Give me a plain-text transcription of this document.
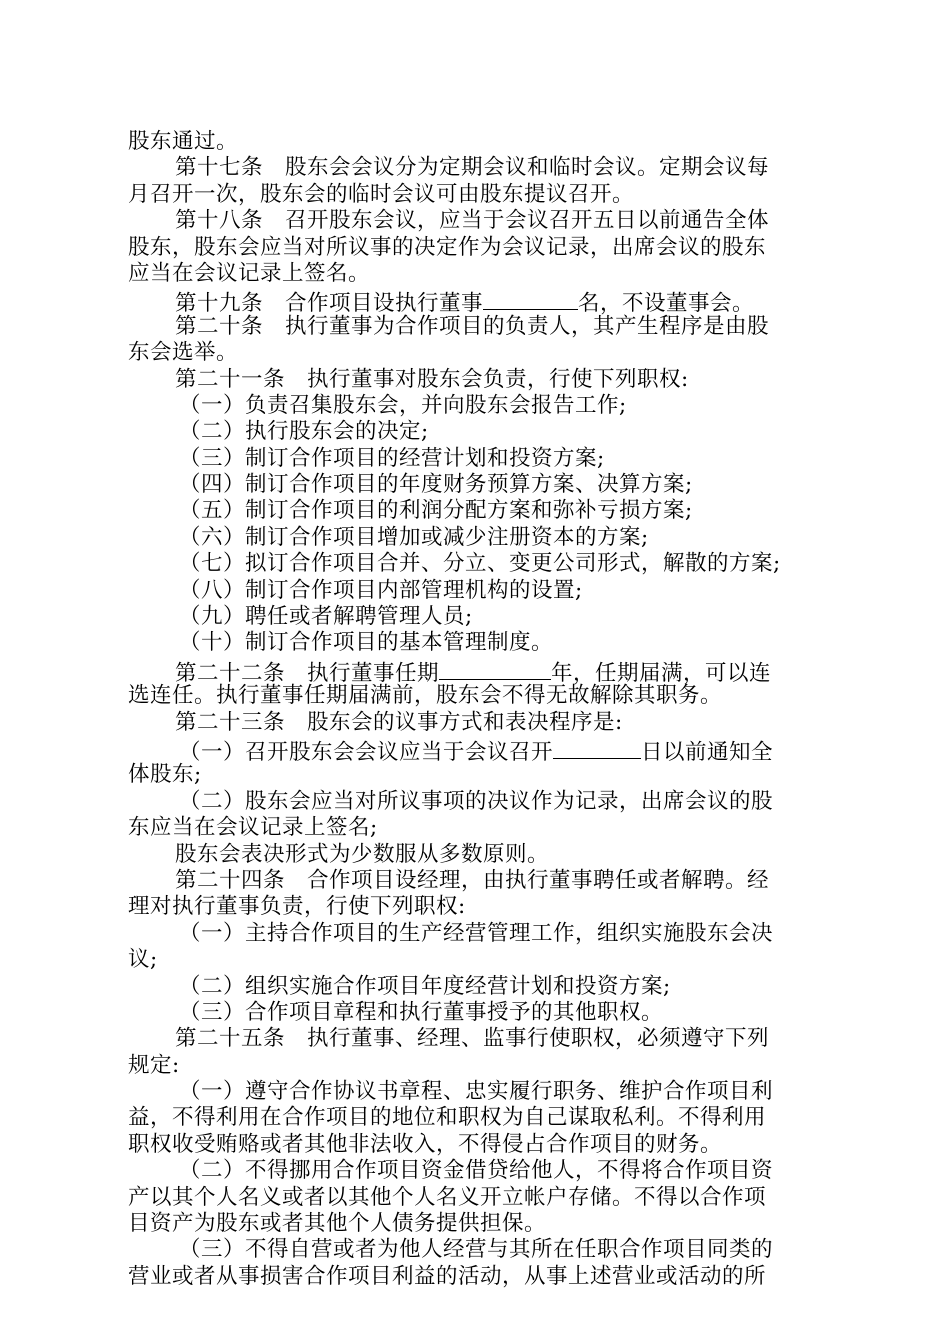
股东通过。
第十七条　股东会会议分为定期会议和临时会议。定期会议每
月召开一次，股东会的临时会议可由股东提议召开。
第十八条　召开股东会议，应当于会议召开五日以前通告全体
股东，股东会应当对所议事的决定作为会议记录，出席会议的股东
应当在会议记录上签名。
第十九条　合作项目设执行董事	名，不设董事会。
第二十条　执行董事为合作项目的负责人，其产生程序是由股
东会选举。
第二十一条　执行董事对股东会负责，行使下列职权:
（一）负责召集股东会，并向股东会报告工作;
（二）执行股东会的决定;
（三）制订合作项目的经营计划和投资方案;
（四）制订合作项目的年度财务预算方案、决算方案;
（五）制订合作项目的利润分配方案和弥补亏损方案;
（六）制订合作项目增加或减少注册资本的方案;
（七）拟订合作项目合并、分立、变更公司形式，解散的方案;
（八）制订合作项目内部管理机构的设置;
（九）聘任或者解聘管理人员;
（十）制订合作项目的基本管理制度。
第二十二条　执行董事任期	年，任期届满，可以连
选连任。执行董事任期届满前，股东会不得无故解除其职务。
第二十三条　股东会的议事方式和表决程序是:
（一）召开股东会会议应当于会议召开	日以前通知全
体股东;
（二）股东会应当对所议事项的决议作为记录，出席会议的股
东应当在会议记录上签名;
股东会表决形式为少数服从多数原则。
第二十四条　合作项目设经理，由执行董事聘任或者解聘。经
理对执行董事负责，行使下列职权:
（一）主持合作项目的生产经营管理工作，组织实施股东会决
议;
（二）组织实施合作项目年度经营计划和投资方案;
（三）合作项目章程和执行董事授予的其他职权。
第二十五条　执行董事、经理、监事行使职权，必须遵守下列
规定:
（一）遵守合作协议书章程、忠实履行职务、维护合作项目利
益，不得利用在合作项目的地位和职权为自己谋取私利。不得利用
职权收受贿赂或者其他非法收入，不得侵占合作项目的财务。
（二）不得挪用合作项目资金借贷给他人，不得将合作项目资
产以其个人名义或者以其他个人名义开立帐户存储。不得以合作项
目资产为股东或者其他个人债务提供担保。
（三）不得自营或者为他人经营与其所在任职合作项目同类的
营业或者从事损害合作项目利益的活动，从事上述营业或活动的所
